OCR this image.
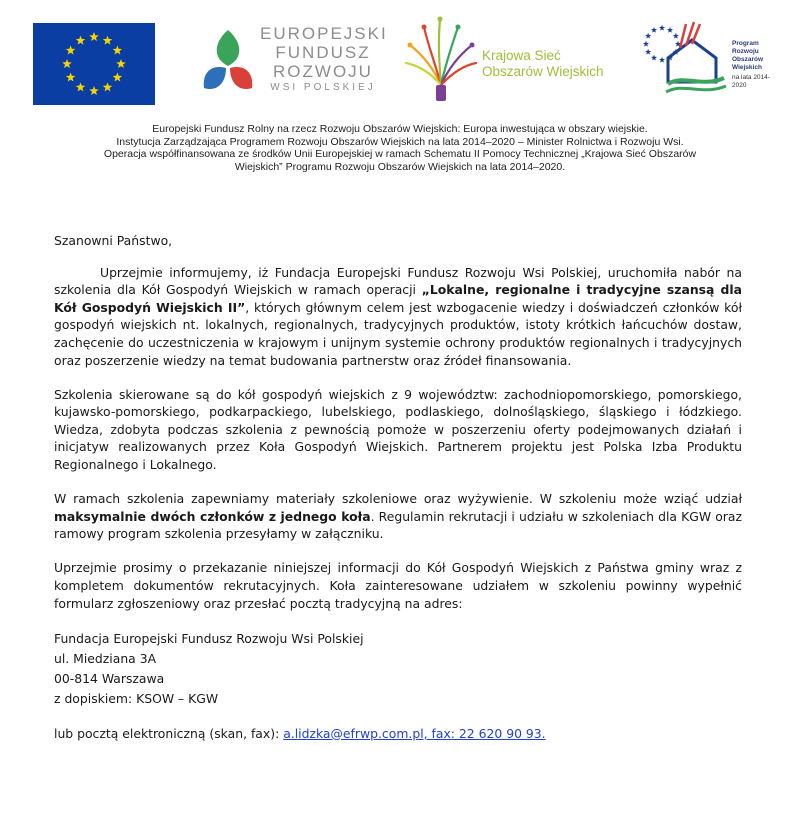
EUROPEJSKI
FUNDUSZ
ROZWOJU
WSI POLSKIEJ
Krajowa Sieć
Obszarów Wiejskich
Program
Rozwoju
Obszarów
Wiejskich
na lata 2014-2020
Europejski Fundusz Rolny na rzecz Rozwoju Obszarów Wiejskich: Europa inwestująca w obszary wiejskie.
Instytucja Zarządzająca Programem Rozwoju Obszarów Wiejskich na lata 2014–2020 – Minister Rolnictwa i Rozwoju Wsi.
Operacja współfinansowana ze środków Unii Europejskiej w ramach Schematu II Pomocy Technicznej „Krajowa Sieć Obszarów
Wiejskich” Programu Rozwoju Obszarów Wiejskich na lata 2014–2020.

Szanowni Państwo,

Uprzejmie informujemy, iż Fundacja Europejski Fundusz Rozwoju Wsi Polskiej, uruchomiła nabór na szkolenia dla Kół Gospodyń Wiejskich w ramach operacji „Lokalne, regionalne i tradycyjne szansą dla Kół Gospodyń Wiejskich II”, których głównym celem jest wzbogacenie wiedzy i doświadczeń członków kół gospodyń wiejskich nt. lokalnych, regionalnych, tradycyjnych produktów, istoty krótkich łańcuchów dostaw, zachęcenie do uczestniczenia w krajowym i unijnym systemie ochrony produktów regionalnych i tradycyjnych oraz poszerzenie wiedzy na temat budowania partnerstw oraz źródeł finansowania.

Szkolenia skierowane są do kół gospodyń wiejskich z 9 województw: zachodniopomorskiego, pomorskiego, kujawsko-pomorskiego, podkarpackiego, lubelskiego, podlaskiego, dolnośląskiego, śląskiego i łódzkiego. Wiedza, zdobyta podczas szkolenia z pewnością pomoże w poszerzeniu oferty podejmowanych działań i inicjatyw realizowanych przez Koła Gospodyń Wiejskich. Partnerem projektu jest Polska Izba Produktu Regionalnego i Lokalnego.

W ramach szkolenia zapewniamy materiały szkoleniowe oraz wyżywienie. W szkoleniu może wziąć udział maksymalnie dwóch członków z jednego koła. Regulamin rekrutacji i udziału w szkoleniach dla KGW oraz ramowy program szkolenia przesyłamy w załączniku.

Uprzejmie prosimy o przekazanie niniejszej informacji do Kół Gospodyń Wiejskich z Państwa gminy wraz z kompletem dokumentów rekrutacyjnych. Koła zainteresowane udziałem w szkoleniu powinny wypełnić formularz zgłoszeniowy oraz przesłać pocztą tradycyjną na adres:

Fundacja Europejski Fundusz Rozwoju Wsi Polskiej
ul. Miedziana 3A
00-814 Warszawa
z dopiskiem: KSOW – KGW

lub pocztą elektroniczną (skan, fax): a.lidzka@efrwp.com.pl, fax: 22 620 90 93.
